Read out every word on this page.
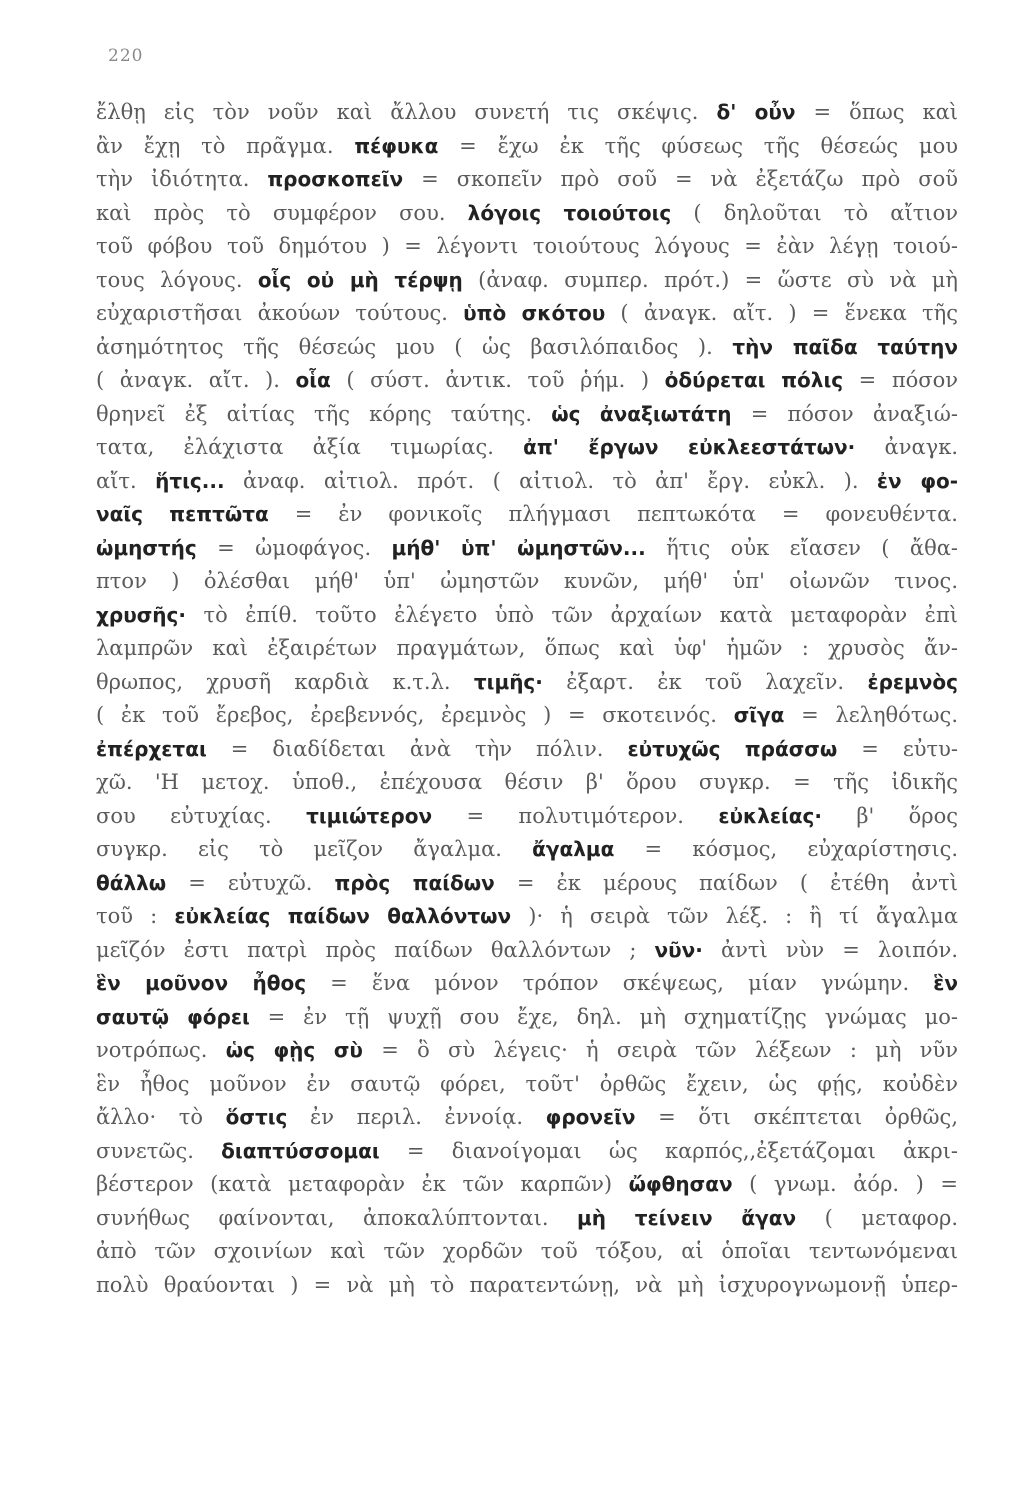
220
ἔλθῃ εἰς τὸν νοῦν καὶ ἄλλου συνετή τις σκέψις. δ' οὖν = ὅπως καὶ
ἂν ἔχῃ τὸ πρᾶγμα. πέφυκα = ἔχω ἐκ τῆς φύσεως τῆς θέσεώς μου
τὴν ἰδιότητα. προσκοπεῖν = σκοπεῖν πρὸ σοῦ = νὰ ἐξετάζω πρὸ σοῦ
καὶ πρὸς τὸ συμφέρον σου. λόγοις τοιούτοις ( δηλοῦται τὸ αἴτιον
τοῦ φόβου τοῦ δημότου ) = λέγοντι τοιούτους λόγους = ἐὰν λέγῃ τοιού-
τους λόγους. οἷς οὐ μὴ τέρψῃ (ἀναφ. συμπερ. πρότ.) = ὥστε σὺ νὰ μὴ
εὐχαριστῆσαι ἀκούων τούτους. ὑπὸ σκότου ( ἀναγκ. αἴτ. ) = ἕνεκα τῆς
ἀσημότητος τῆς θέσεώς μου ( ὡς βασιλόπαιδος ). τὴν παῖδα ταύτην
( ἀναγκ. αἴτ. ). οἷα ( σύστ. ἀντικ. τοῦ ῥήμ. ) ὀδύρεται πόλις = πόσον
θρηνεῖ ἐξ αἰτίας τῆς κόρης ταύτης. ὡς ἀναξιωτάτη = πόσον ἀναξιώ-
τατα, ἐλάχιστα ἀξία τιμωρίας. ἀπ' ἔργων εὐκλεεστάτων· ἀναγκ.
αἴτ. ἥτις... ἀναφ. αἰτιολ. πρότ. ( αἰτιολ. τὸ ἀπ' ἔργ. εὐκλ. ). ἐν φο-
ναῖς πεπτῶτα = ἐν φονικοῖς πλήγμασι πεπτωκότα = φονευθέντα.
ὠμηστής = ὠμοφάγος. μήθ' ὑπ' ὠμηστῶν... ἥτις οὐκ εἴασεν ( ἄθα-
πτον ) ὀλέσθαι μήθ' ὑπ' ὠμηστῶν κυνῶν, μήθ' ὑπ' οἰωνῶν τινος.
χρυσῆς· τὸ ἐπίθ. τοῦτο ἐλέγετο ὑπὸ τῶν ἀρχαίων κατὰ μεταφορὰν ἐπὶ
λαμπρῶν καὶ ἐξαιρέτων πραγμάτων, ὅπως καὶ ὑφ' ἡμῶν : χρυσὸς ἄν-
θρωπος, χρυσῆ καρδιὰ κ.τ.λ. τιμῆς· ἐξαρτ. ἐκ τοῦ λαχεῖν. ἐρεμνὸς
( ἐκ τοῦ ἔρεβος, ἐρεβεννός, ἐρεμνὸς ) = σκοτεινός. σῖγα = λεληθότως.
ἐπέρχεται = διαδίδεται ἀνὰ τὴν πόλιν. εὐτυχῶς πράσσω = εὐτυ-
χῶ. 'Η μετοχ. ὑποθ., ἐπέχουσα θέσιν β' ὅρου συγκρ. = τῆς ἰδικῆς
σου εὐτυχίας. τιμιώτερον = πολυτιμότερον. εὐκλείας· β' ὅρος
συγκρ. εἰς τὸ μεῖζον ἄγαλμα. ἄγαλμα = κόσμος, εὐχαρίστησις.
θάλλω = εὐτυχῶ. πρὸς παίδων = ἐκ μέρους παίδων ( ἐτέθη ἀντὶ
τοῦ : εὐκλείας παίδων θαλλόντων )· ἡ σειρὰ τῶν λέξ. : ἢ τί ἄγαλμα
μεῖζόν ἐστι πατρὶ πρὸς παίδων θαλλόντων ; νῦν· ἀντὶ νὺν = λοιπόν.
ἓν μοῦνον ἦθος = ἕνα μόνον τρόπον σκέψεως, μίαν γνώμην. ἓν
σαυτῷ φόρει = ἐν τῇ ψυχῇ σου ἔχε, δηλ. μὴ σχηματίζῃς γνώμας μο-
νοτρόπως. ὡς φῂς σὺ = ὃ σὺ λέγεις· ἡ σειρὰ τῶν λέξεων : μὴ νῦν
ἓν ἦθος μοῦνον ἐν σαυτῷ φόρει, τοῦτ' ὀρθῶς ἔχειν, ὡς φῄς, κοὐδὲν
ἄλλο· τὸ ὅστις ἐν περιλ. ἐννοίᾳ. φρονεῖν = ὅτι σκέπτεται ὀρθῶς,
συνετῶς. διαπτύσσομαι = διανοίγομαι ὡς καρπός,,ἐξετάζομαι ἀκρι-
βέστερον (κατὰ μεταφορὰν ἐκ τῶν καρπῶν) ὤφθησαν ( γνωμ. ἀόρ. ) =
συνήθως φαίνονται, ἀποκαλύπτονται. μὴ τείνειν ἄγαν ( μεταφορ.
ἀπὸ τῶν σχοινίων καὶ τῶν χορδῶν τοῦ τόξου, αἱ ὁποῖαι τεντωνόμεναι
πολὺ θραύονται ) = νὰ μὴ τὸ παρατεντώνῃ, νὰ μὴ ἰσχυρογνωμονῇ ὑπερ-
